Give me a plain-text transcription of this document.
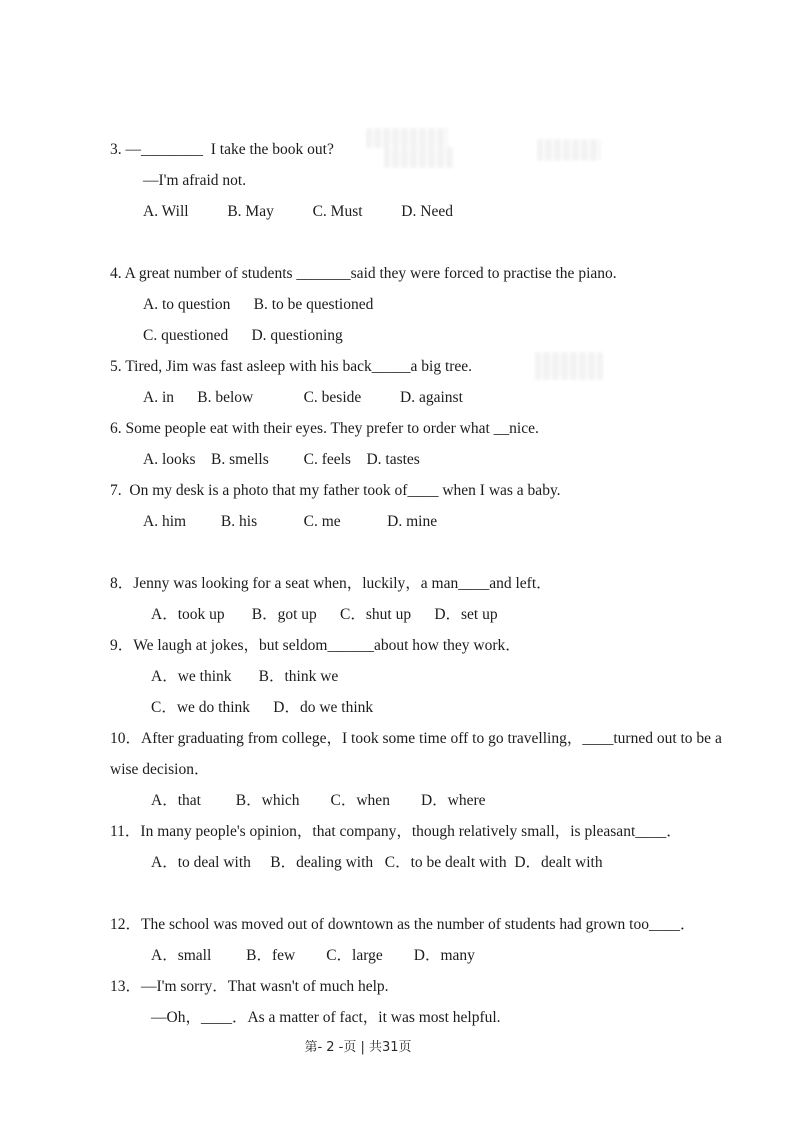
3. —________  I take the book out?
—I'm afraid not.
A. Will          B. May          C. Must          D. Need
4. A great number of students _______said they were forced to practise the piano.
A. to question      B. to be questioned
C. questioned      D. questioning
5. Tired, Jim was fast asleep with his back_____a big tree.
A. in      B. below             C. beside          D. against
6. Some people eat with their eyes. They prefer to order what __nice.
A. looks    B. smells         C. feels    D. tastes
7.  On my desk is a photo that my father took of____ when I was a baby.
A. him         B. his            C. me            D. mine
8．Jenny was looking for a seat when，luckily，a man____and left．
A．took up       B．got up      C．shut up      D．set up
9．We laugh at jokes，but seldom______about how they work．
A．we think       B．think we
C．we do think      D．do we think
10．After graduating from college，I took some time off to go travelling，____turned out to be a
wise decision．
A．that         B．which        C．when        D．where
11．In many people's opinion，that company，though relatively small，is pleasant____．
A．to deal with     B．dealing with   C．to be dealt with  D．dealt with
12．The school was moved out of downtown as the number of students had grown too____．
A．small         B．few        C．large        D．many
13．—I'm sorry．That wasn't of much help.
—Oh，____．As a matter of fact，it was most helpful.
第- 2 -页 | 共31页
